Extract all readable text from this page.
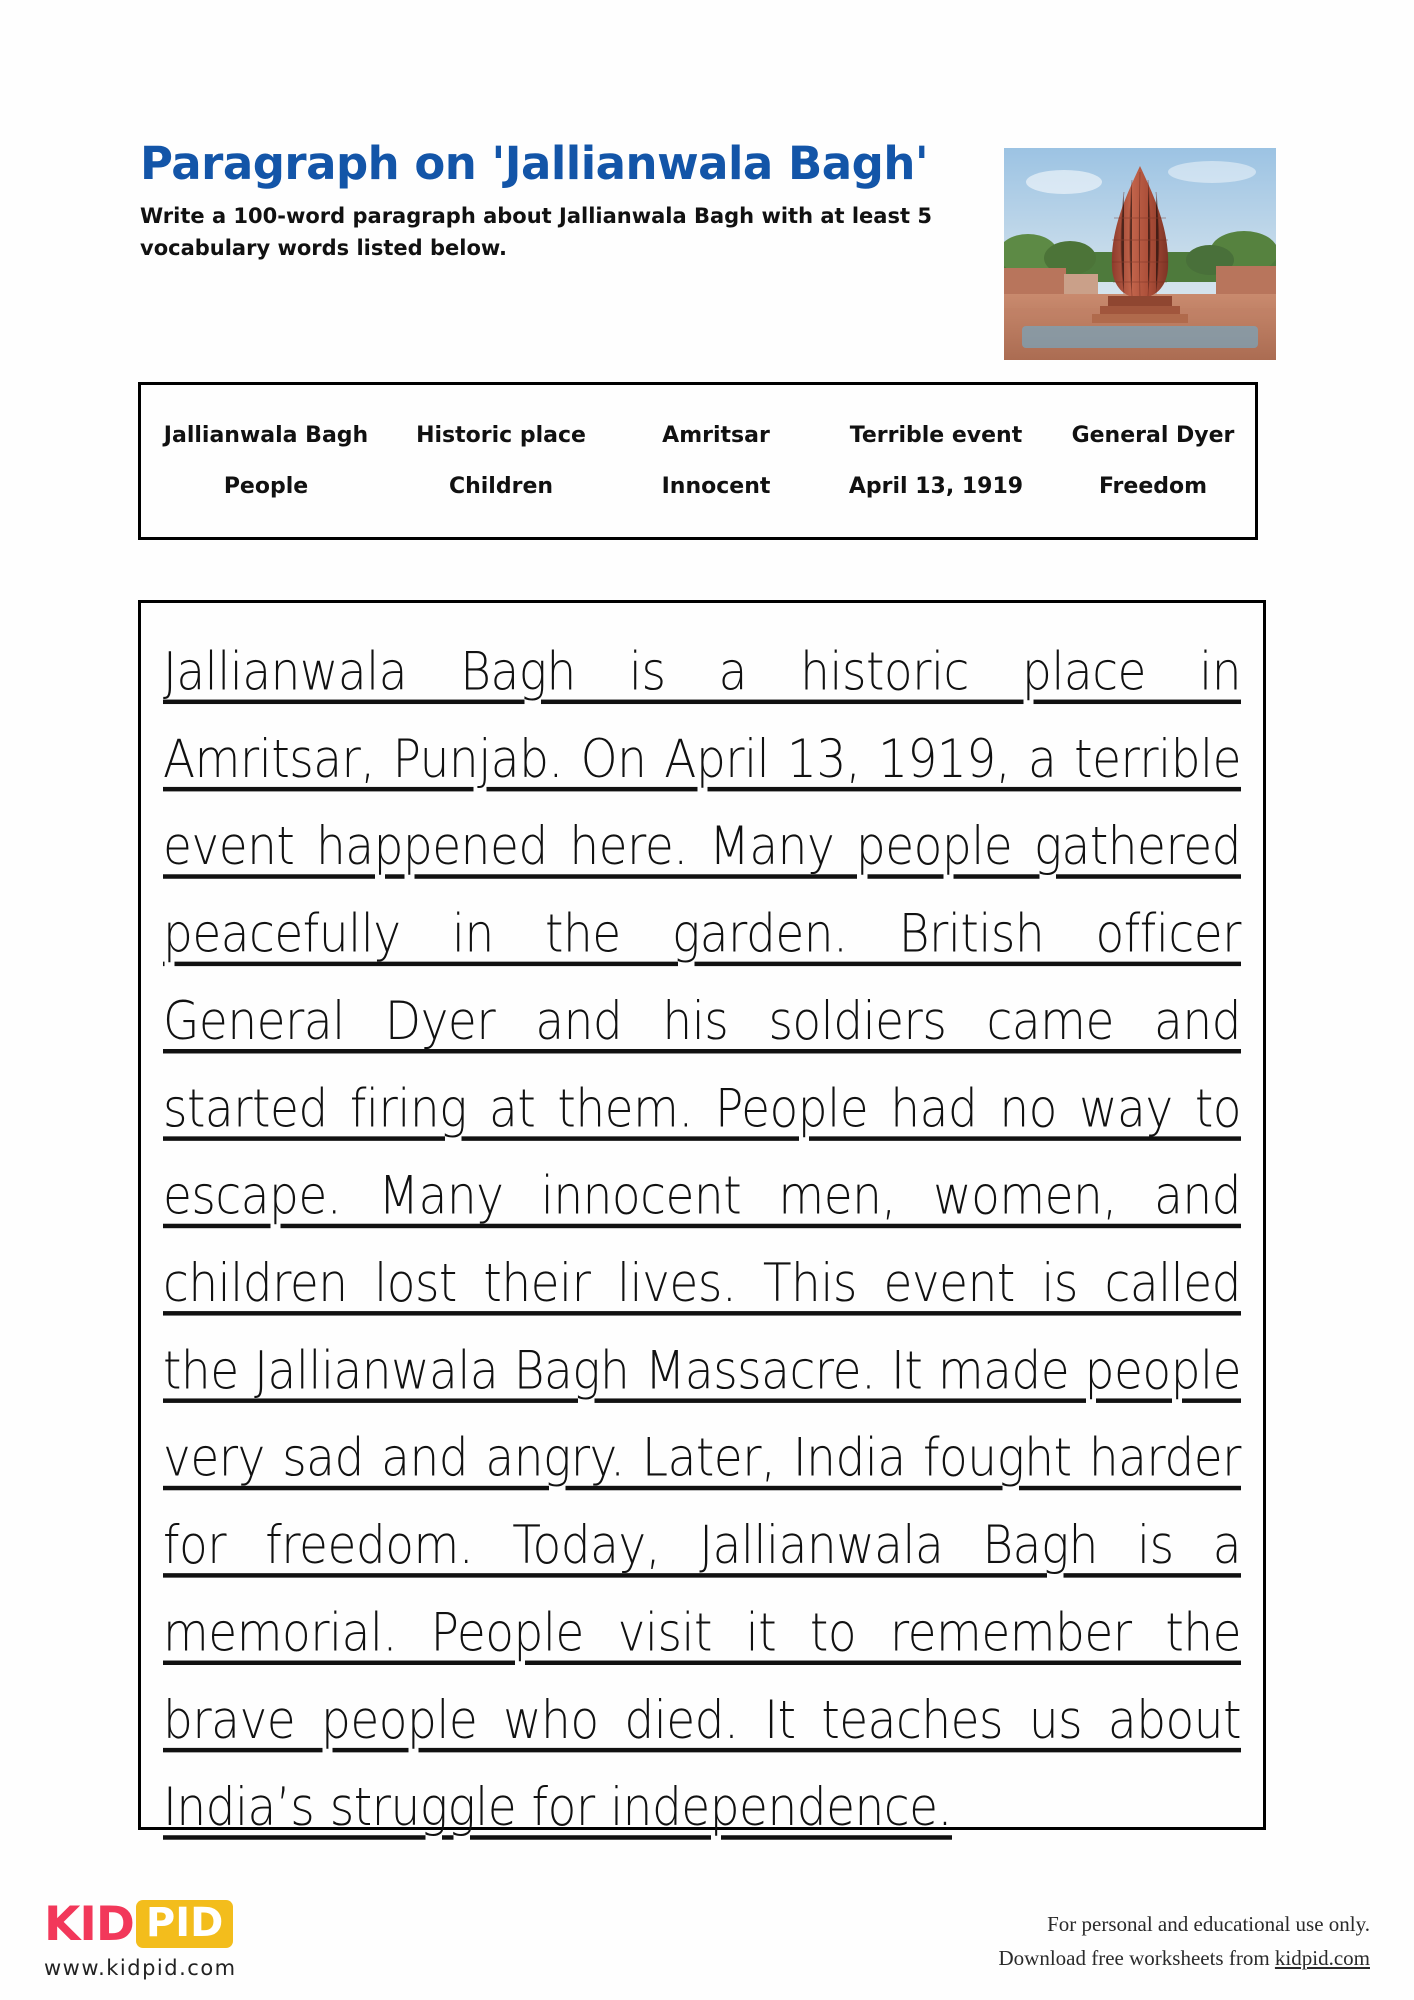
Paragraph on 'Jallianwala Bagh'

Write a 100-word paragraph about Jallianwala Bagh with at least 5 vocabulary words listed below.

Jallianwala Bagh	Historic place	Amritsar	Terrible event	General Dyer
People	Children	Innocent	April 13, 1919	Freedom

Jallianwala Bagh is a historic place in Amritsar, Punjab. On April 13, 1919, a terrible event happened here. Many people gathered peacefully in the garden. British officer General Dyer and his soldiers came and started firing at them. People had no way to escape. Many innocent men, women, and children lost their lives. This event is called the Jallianwala Bagh Massacre. It made people very sad and angry. Later, India fought harder for freedom. Today, Jallianwala Bagh is a memorial. People visit it to remember the brave people who died. It teaches us about India’s struggle for independence.

KID PID
www.kidpid.com
For personal and educational use only.
Download free worksheets from kidpid.com
